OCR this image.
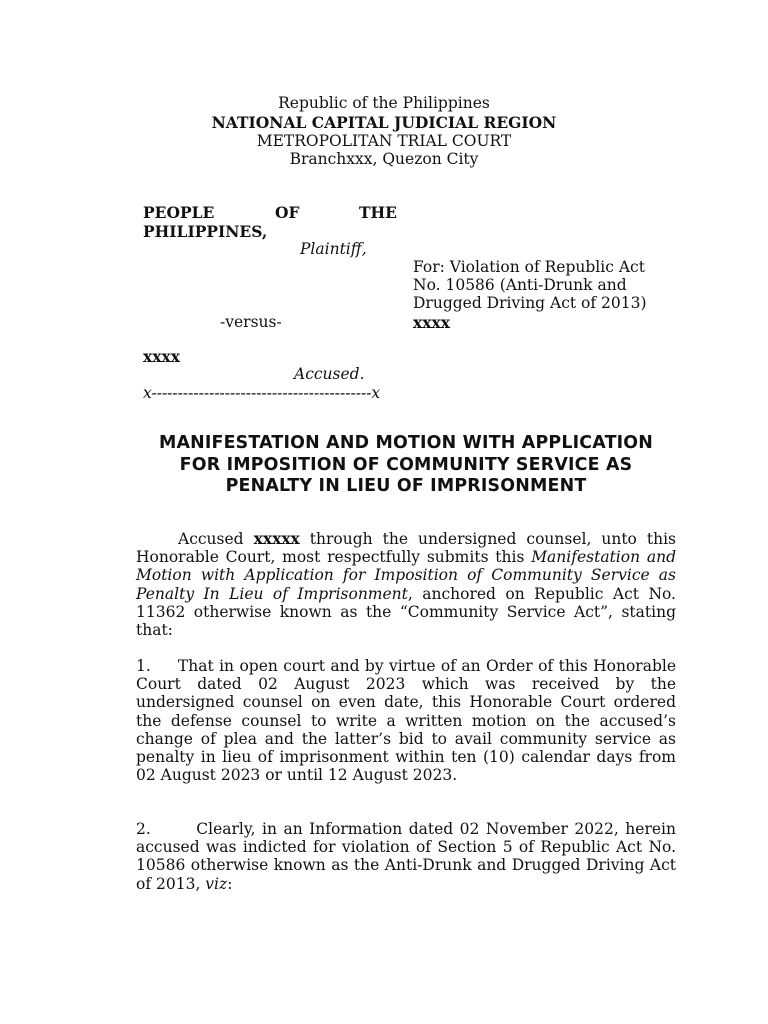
Republic of the Philippines
NATIONAL CAPITAL JUDICIAL REGION
METROPOLITAN TRIAL COURT
Branchxxx, Quezon City
PEOPLE	OF	THE
PHILIPPINES,
Plaintiff,
For: Violation of Republic Act
No. 10586 (Anti-Drunk and
Drugged Driving Act of 2013)
xxxx
-versus-
xxxx
Accused.
x------------------------------------------x
MANIFESTATION AND MOTION WITH APPLICATION
FOR IMPOSITION OF COMMUNITY SERVICE AS
PENALTY IN LIEU OF IMPRISONMENT
Accused xxxxx through the undersigned counsel, unto this Honorable Court, most respectfully submits this Manifestation and Motion with Application for Imposition of Community Service as Penalty In Lieu of Imprisonment, anchored on Republic Act No. 11362 otherwise known as the “Community Service Act”, stating that:
1. That in open court and by virtue of an Order of this Honorable Court dated 02 August 2023 which was received by the undersigned counsel on even date, this Honorable Court ordered the defense counsel to write a written motion on the accused’s change of plea and the latter’s bid to avail community service as penalty in lieu of imprisonment within ten (10) calendar days from 02 August 2023 or until 12 August 2023.
2.	Clearly, in an Information dated 02 November 2022, herein accused was indicted for violation of Section 5 of Republic Act No. 10586 otherwise known as the Anti-Drunk and Drugged Driving Act of 2013, viz:
